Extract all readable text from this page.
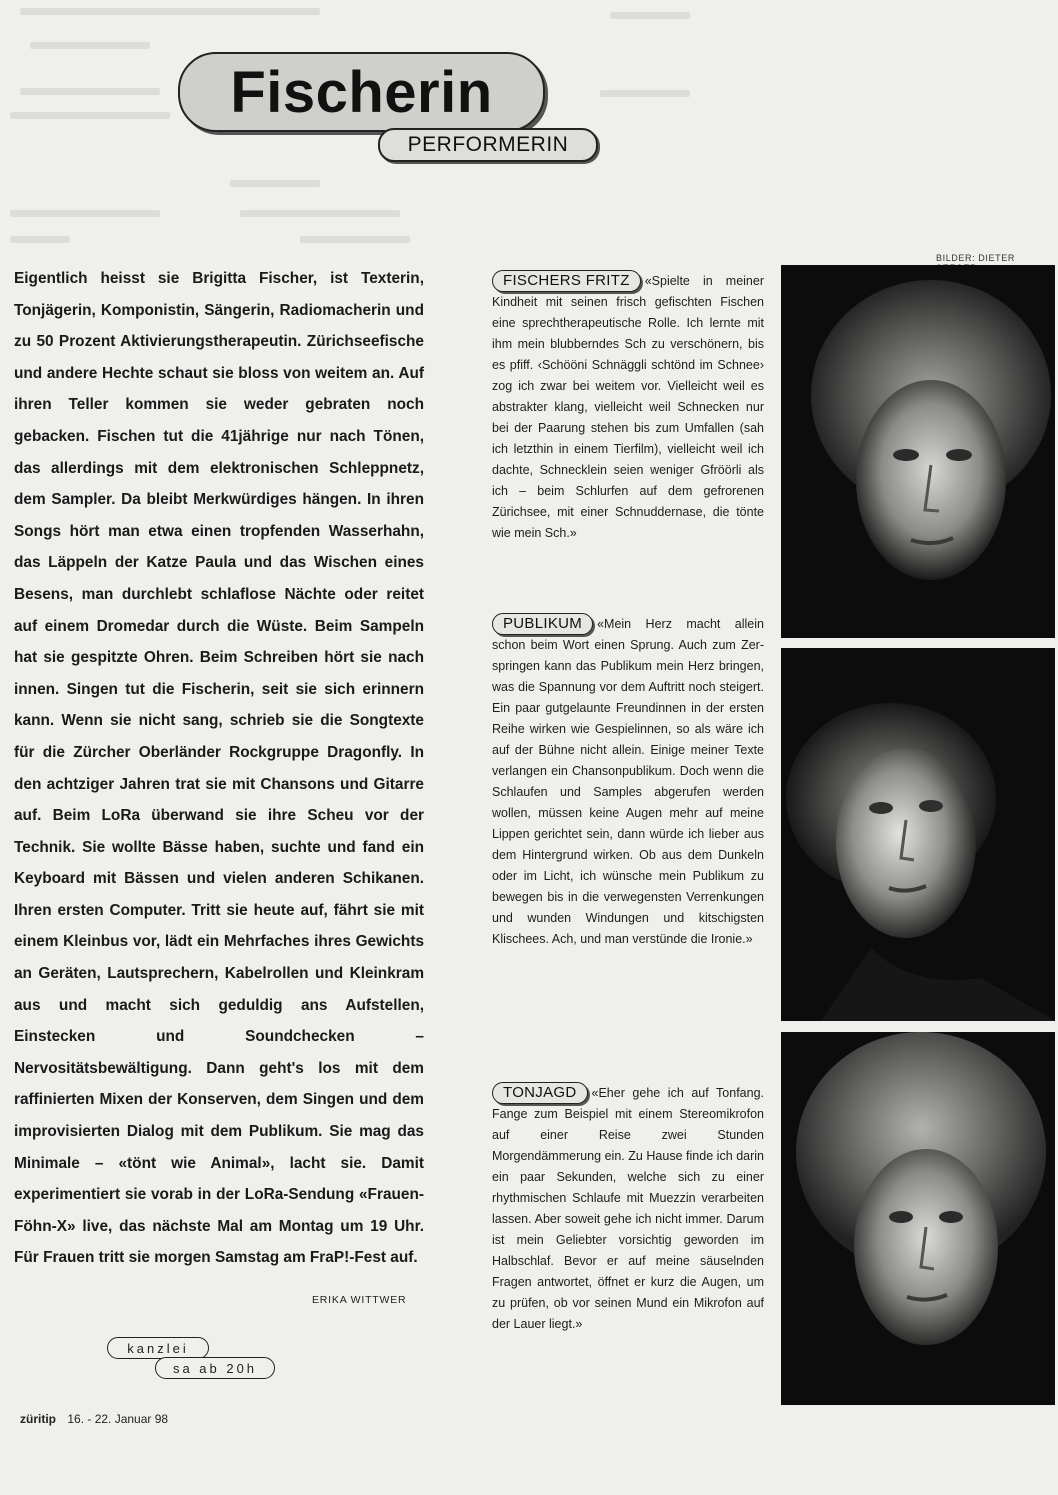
Fischerin
PERFORMERIN
BILDER: DIETER

Eigentlich heisst sie Brigitta Fischer, ist Texterin, Tonjägerin, Komponistin, Sängerin, Radiomacherin und zu 50 Prozent Aktivierungstherapeutin. Zürichseefische und andere Hechte schaut sie bloss von weitem an. Auf ihren Teller kommen sie weder gebraten noch gebacken. Fischen tut die 41jährige nur nach Tönen, das allerdings mit dem elektronischen Schleppnetz, dem Sampler. Da bleibt Merkwürdiges hängen. In ihren Songs hört man etwa einen tropfenden Wasserhahn, das Läppeln der Katze Paula und das Wischen eines Besens, man durchlebt schlaflose Nächte oder reitet auf einem Dromedar durch die Wüste. Beim Sampeln hat sie gespitzte Ohren. Beim Schreiben hört sie nach innen. Singen tut die Fischerin, seit sie sich erinnern kann. Wenn sie nicht sang, schrieb sie die Songtexte für die Zürcher Oberländer Rockgruppe Dragonfly. In den achtziger Jahren trat sie mit Chansons und Gitarre auf. Beim LoRa überwand sie ihre Scheu vor der Technik. Sie wollte Bässe haben, suchte und fand ein Keyboard mit Bässen und vielen anderen Schikanen. Ihren ersten Computer. Tritt sie heute auf, fährt sie mit einem Kleinbus vor, lädt ein Mehrfaches ihres Gewichts an Geräten, Lautsprechern, Kabelrollen und Kleinkram aus und macht sich geduldig ans Aufstellen, Einstecken und Soundchecken – Nervositätsbewältigung. Dann geht's los mit dem raffinierten Mixen der Konserven, dem Singen und dem improvisierten Dialog mit dem Publikum. Sie mag das Minimale – «tönt wie Animal», lacht sie. Damit experimentiert sie vorab in der LoRa-Sendung «Frauen-Föhn-X» live, das nächste Mal am Montag um 19 Uhr. Für Frauen tritt sie morgen Samstag am FraP!-Fest auf.

ERIKA WITTWER
kanzlei
sa ab 20h
züritip 16. - 22. Januar 98

FISCHERS FRITZ «Spielte in meiner Kindheit mit seinen frisch gefischten Fischen eine sprechtherapeutische Rolle. Ich lernte mit ihm mein blubberndes Sch zu verschönern, bis es pfiff. ‹Schööni Schnäggli schtönd im Schnee› zog ich zwar bei weitem vor. Vielleicht weil es abstrakter klang, vielleicht weil Schnecken nur bei der Paarung stehen bis zum Umfallen (sah ich letzthin in einem Tierfilm), vielleicht weil ich dachte, Schnecklein seien weniger Gfröörli als ich – beim Schlurfen auf dem gefrorenen Zürichsee, mit einer Schnuddernase, die tönte wie mein Sch.»

PUBLIKUM «Mein Herz macht allein schon beim Wort einen Sprung. Auch zum Zer-springen kann das Publikum mein Herz bringen, was die Spannung vor dem Auftritt noch steigert. Ein paar gutgelaunte Freundinnen in der ersten Reihe wirken wie Gespielinnen, so als wäre ich auf der Bühne nicht allein. Einige meiner Texte verlangen ein Chansonpublikum. Doch wenn die Schlaufen und Samples abgerufen werden wollen, müssen keine Augen mehr auf meine Lippen gerichtet sein, dann würde ich lieber aus dem Hintergrund wirken. Ob aus dem Dunkeln oder im Licht, ich wünsche mein Publikum zu bewegen bis in die verwegensten Verrenkungen und wunden Windungen und kitschigsten Klischees. Ach, und man verstünde die Ironie.»

TONJAGD «Eher gehe ich auf Tonfang. Fange zum Beispiel mit einem Stereomikrofon auf einer Reise zwei Stunden Morgendämmerung ein. Zu Hause finde ich darin ein paar Sekunden, welche sich zu einer rhythmischen Schlaufe mit Muezzin verarbeiten lassen. Aber soweit gehe ich nicht immer. Darum ist mein Geliebter vorsichtig geworden im Halbschlaf. Bevor er auf meine säuselnden Fragen antwortet, öffnet er kurz die Augen, um zu prüfen, ob vor seinen Mund ein Mikrofon auf der Lauer liegt.»
